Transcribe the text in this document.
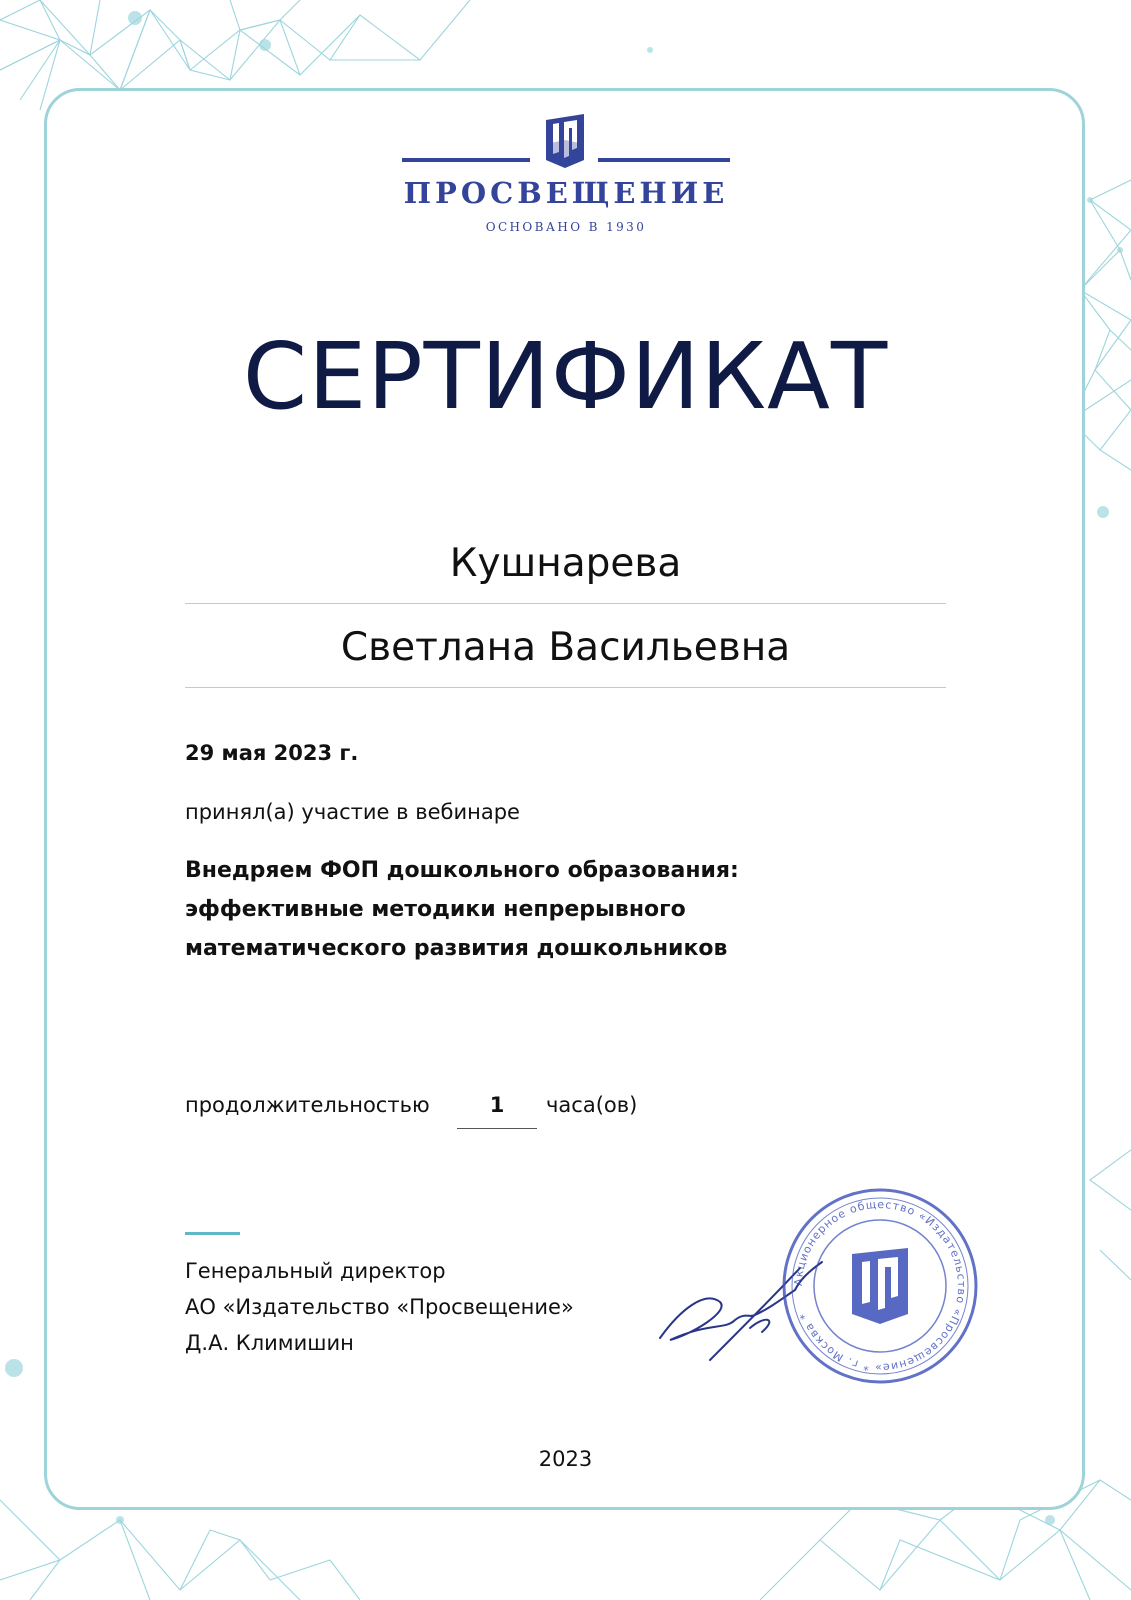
ПРОСВЕЩЕНИЕ
ОСНОВАНО В 1930
СЕРТИФИКАТ
Кушнарева
Светлана Васильевна
29 мая 2023 г.
принял(а) участие в вебинаре
Внедряем ФОП дошкольного образования:
эффективные методики непрерывного
математического развития дошкольников
продолжительностью	1	часа(ов)
Генеральный директор
АО «Издательство «Просвещение»
Д.А. Климишин
Акционерное общество «Издательство «Просвещение» * г. Москва *
2023
